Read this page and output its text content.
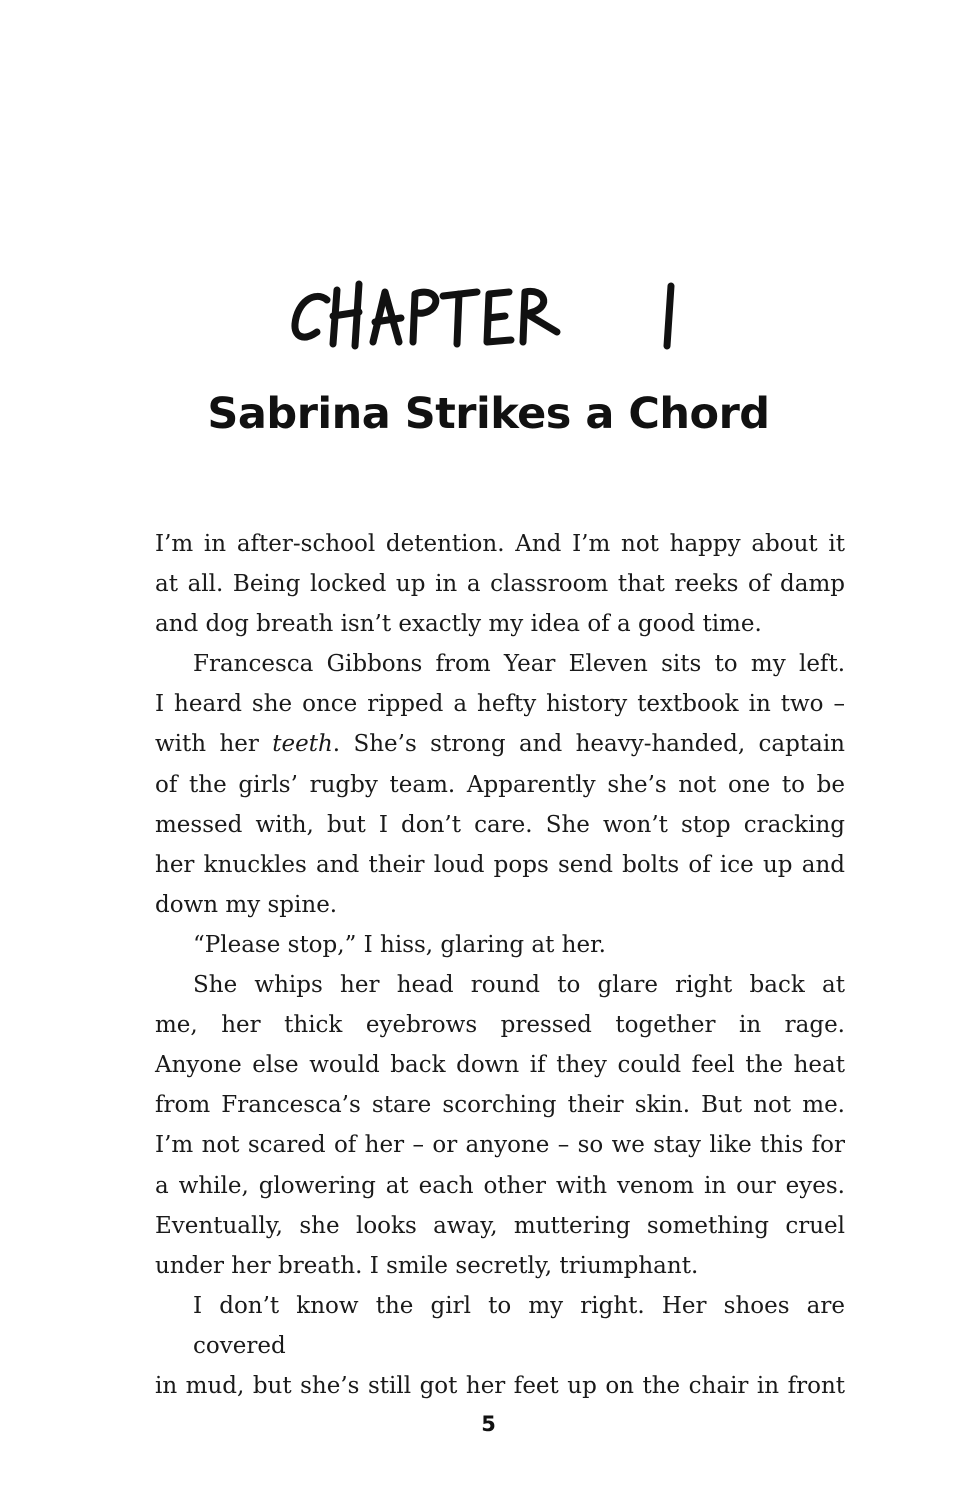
Sabrina Strikes a Chord
I’m in after-school detention. And I’m not happy about it
at all. Being locked up in a classroom that reeks of damp
and dog breath isn’t exactly my idea of a good time.
Francesca Gibbons from Year Eleven sits to my left.
I heard she once ripped a hefty history textbook in two –
with her teeth. She’s strong and heavy-handed, captain
of the girls’ rugby team. Apparently she’s not one to be
messed with, but I don’t care. She won’t stop cracking
her knuckles and their loud pops send bolts of ice up and
down my spine.
“Please stop,” I hiss, glaring at her.
She whips her head round to glare right back at
me, her thick eyebrows pressed together in rage.
Anyone else would back down if they could feel the heat
from Francesca’s stare scorching their skin. But not me.
I’m not scared of her – or anyone – so we stay like this for
a while, glowering at each other with venom in our eyes.
Eventually, she looks away, muttering something cruel
under her breath. I smile secretly, triumphant.
I don’t know the girl to my right. Her shoes are covered
in mud, but she’s still got her feet up on the chair in front
5
